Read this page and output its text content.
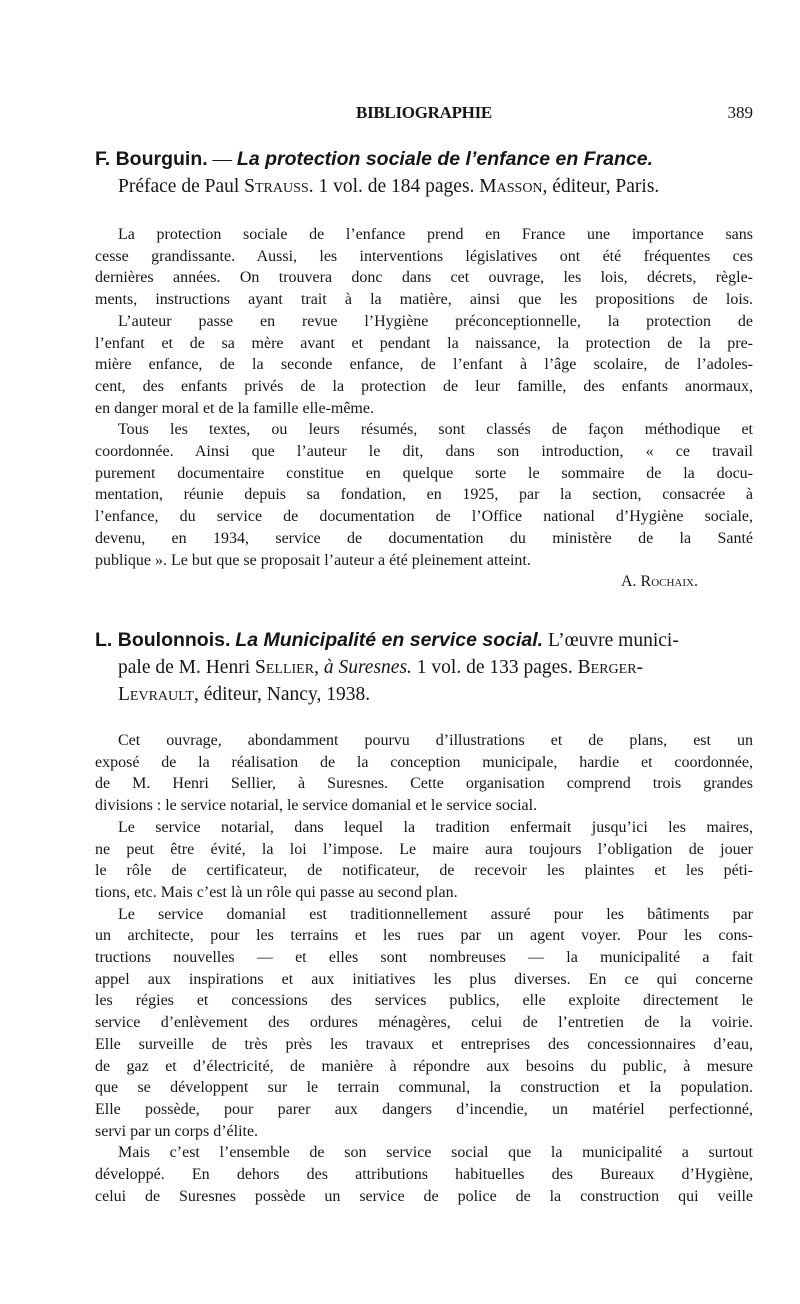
BIBLIOGRAPHIE	389
F. Bourguin. — La protection sociale de l’enfance en France.
Préface de Paul Strauss. 1 vol. de 184 pages. Masson, éditeur, Paris.
La protection sociale de l’enfance prend en France une importance sans
cesse grandissante. Aussi, les interventions législatives ont été fréquentes ces
dernières années. On trouvera donc dans cet ouvrage, les lois, décrets, règle-
ments, instructions ayant trait à la matière, ainsi que les propositions de lois.
L’auteur passe en revue l’Hygiène préconceptionnelle, la protection de
l’enfant et de sa mère avant et pendant la naissance, la protection de la pre-
mière enfance, de la seconde enfance, de l’enfant à l’âge scolaire, de l’adoles-
cent, des enfants privés de la protection de leur famille, des enfants anormaux,
en danger moral et de la famille elle-même.
Tous les textes, ou leurs résumés, sont classés de façon méthodique et
coordonnée. Ainsi que l’auteur le dit, dans son introduction, « ce travail
purement documentaire constitue en quelque sorte le sommaire de la docu-
mentation, réunie depuis sa fondation, en 1925, par la section, consacrée à
l’enfance, du service de documentation de l’Office national d’Hygiène sociale,
devenu, en 1934, service de documentation du ministère de la Santé
publique ». Le but que se proposait l’auteur a été pleinement atteint.
A. Rochaix.
L. Boulonnois. La Municipalité en service social. L’œuvre munici-
pale de M. Henri Sellier, à Suresnes. 1 vol. de 133 pages. Berger-
Levrault, éditeur, Nancy, 1938.
Cet ouvrage, abondamment pourvu d’illustrations et de plans, est un
exposé de la réalisation de la conception municipale, hardie et coordonnée,
de M. Henri Sellier, à Suresnes. Cette organisation comprend trois grandes
divisions : le service notarial, le service domanial et le service social.
Le service notarial, dans lequel la tradition enfermait jusqu’ici les maires,
ne peut être évité, la loi l’impose. Le maire aura toujours l’obligation de jouer
le rôle de certificateur, de notificateur, de recevoir les plaintes et les péti-
tions, etc. Mais c’est là un rôle qui passe au second plan.
Le service domanial est traditionnellement assuré pour les bâtiments par
un architecte, pour les terrains et les rues par un agent voyer. Pour les cons-
tructions nouvelles — et elles sont nombreuses — la municipalité a fait
appel aux inspirations et aux initiatives les plus diverses. En ce qui concerne
les régies et concessions des services publics, elle exploite directement le
service d’enlèvement des ordures ménagères, celui de l’entretien de la voirie.
Elle surveille de très près les travaux et entreprises des concessionnaires d’eau,
de gaz et d’électricité, de manière à répondre aux besoins du public, à mesure
que se développent sur le terrain communal, la construction et la population.
Elle possède, pour parer aux dangers d’incendie, un matériel perfectionné,
servi par un corps d’élite.
Mais c’est l’ensemble de son service social que la municipalité a surtout
développé. En dehors des attributions habituelles des Bureaux d’Hygiène,
celui de Suresnes possède un service de police de la construction qui veille
